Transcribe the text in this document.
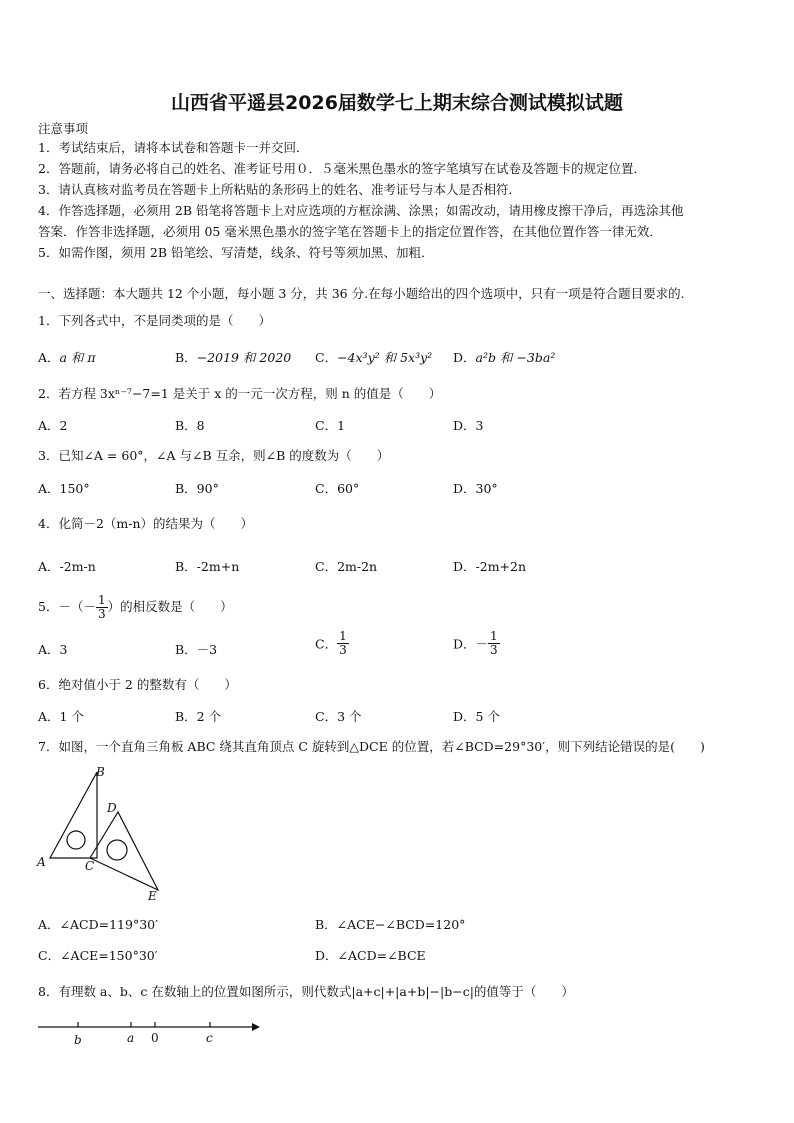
山西省平遥县2026届数学七上期末综合测试模拟试题
注意事项
1．考试结束后，请将本试卷和答题卡一并交回．
2．答题前，请务必将自己的姓名、准考证号用０．５毫米黑色墨水的签字笔填写在试卷及答题卡的规定位置．
3．请认真核对监考员在答题卡上所粘贴的条形码上的姓名、准考证号与本人是否相符．
4．作答选择题，必须用 2B 铅笔将答题卡上对应选项的方框涂满、涂黑；如需改动，请用橡皮擦干净后，再选涂其他
答案．作答非选择题，必须用 05 毫米黑色墨水的签字笔在答题卡上的指定位置作答，在其他位置作答一律无效．
5．如需作图，须用 2B 铅笔绘、写清楚，线条、符号等须加黑、加粗．
一、选择题：本大题共 12 个小题，每小题 3 分，共 36 分.在每小题给出的四个选项中，只有一项是符合题目要求的.
1．下列各式中，不是同类项的是（　　）
A．a 和 π	B．−2019 和 2020 C．−4x³y² 和 5x³y² D．a²b 和 −3ba²
2．若方程 3xⁿ⁻⁷−7=1 是关于 x 的一元一次方程，则 n 的值是（　　）
A．2	B．8	C．1	D．3
3．已知∠A = 60°，∠A 与∠B 互余，则∠B 的度数为（　　）
A．150°	B．90°	C．60°	D．30°
4．化简－2（m-n）的结果为（　　）
A．-2m-n	B．-2m+n	C．2m-2n	D．-2m+2n
5．－（－ $\frac{1}{3}$ ）的相反数是（　　）
A．3	B．－3	C． $\frac{1}{3}$	D．－ $\frac{1}{3}$
6．绝对值小于 2 的整数有（　　）
A．1 个	B．2 个	C．3 个	D．5 个
7．如图，一个直角三角板 ABC 绕其直角顶点 C 旋转到△DCE 的位置，若∠BCD=29°30′，则下列结论错误的是(　　)
B
D
A	C
E
A．∠ACD=119°30′	B．∠ACE−∠BCD=120°
C．∠ACE=150°30′	D．∠ACD=∠BCE
8．有理数 a、b、c 在数轴上的位置如图所示，则代数式|a+c|+|a+b|−|b−c|的值等于（　　）
b	a 0	c
